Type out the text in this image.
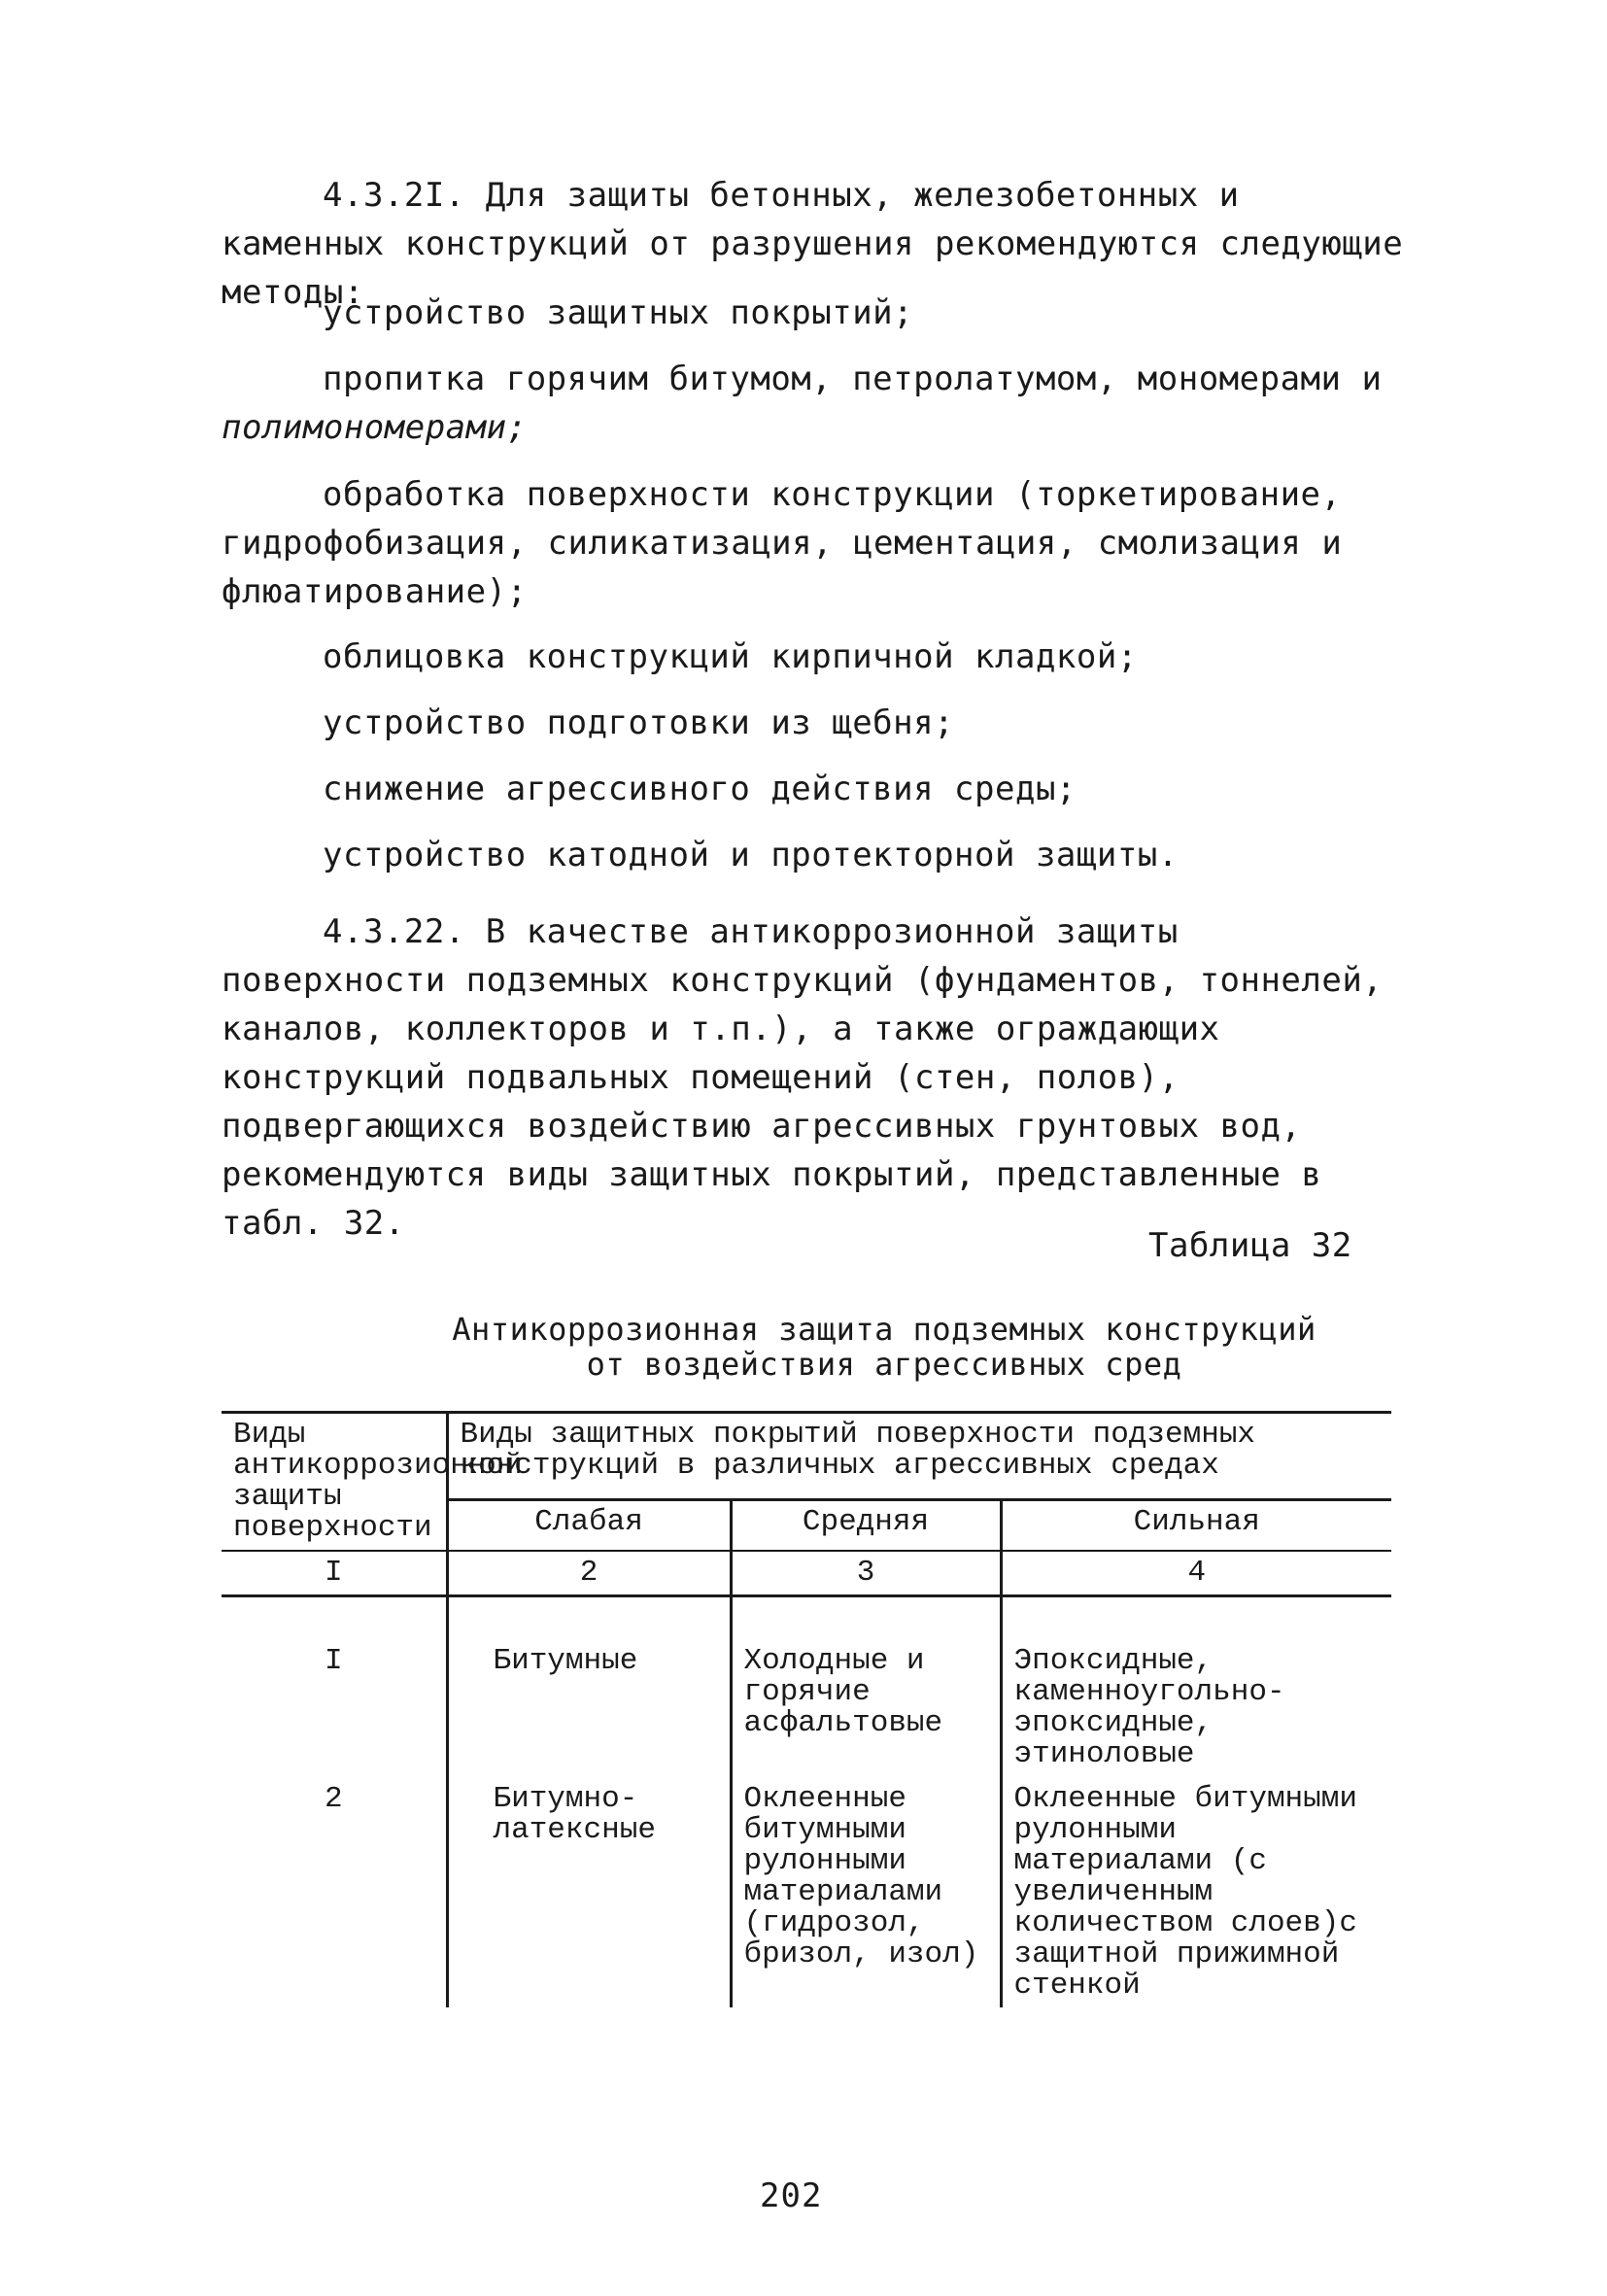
4.3.2I. Для защиты бетонных, железобетонных и каменных конструкций от разрушения рекомендуются следующие методы:
устройство защитных покрытий;
пропитка горячим битумом, петролатумом, мономерами и
полимономерами;
обработка поверхности конструкции (торкетирование, гидрофобизация, силикатизация, цементация, смолизация и флюатирование);
облицовка конструкций кирпичной кладкой;
устройство подготовки из щебня;
снижение агрессивного действия среды;
устройство катодной и протекторной защиты.
4.3.22. В качестве антикоррозионной защиты поверхности подземных конструкций (фундаментов, тоннелей, каналов, коллекторов и т.п.), а также ограждающих конструкций подвальных помещений (стен, полов), подвергающихся воздействию агрессивных грунтовых вод, рекомендуются виды защитных покрытий, представленные в табл. 32.
Таблица 32
Антикоррозионная защита подземных конструкций
от воздействия агрессивных сред
Виды антикоррозионной защиты поверхности	Виды защитных покрытий поверхности подземных конструкций в различных агрессивных средах		
	Слабая	Средняя	Сильная
I	2	3	4
I	Битумные	Холодные и горячие асфальтовые	Эпоксидные, каменноугольно-эпоксидные, этиноловые
2	Битумно-латексные	Оклеенные битумными рулонными материалами (гидрозол, бризол, изол)	Оклеенные битумными рулонными материалами (с увеличенным количеством слоев)с защитной прижимной стенкой
202
